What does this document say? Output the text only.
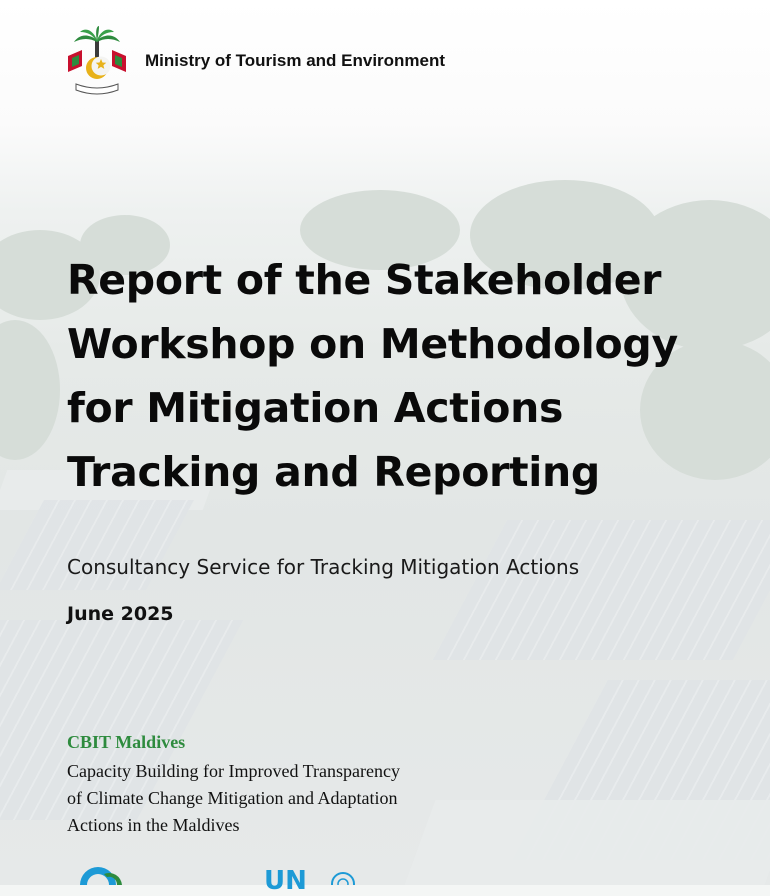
Ministry of Tourism and Environment
Report of the Stakeholder
Workshop on Methodology
for Mitigation Actions
Tracking and Reporting
Consultancy Service for Tracking Mitigation Actions
June 2025
CBIT Maldives
Capacity Building for Improved Transparency
of Climate Change Mitigation and Adaptation
Actions in the Maldives
UN
